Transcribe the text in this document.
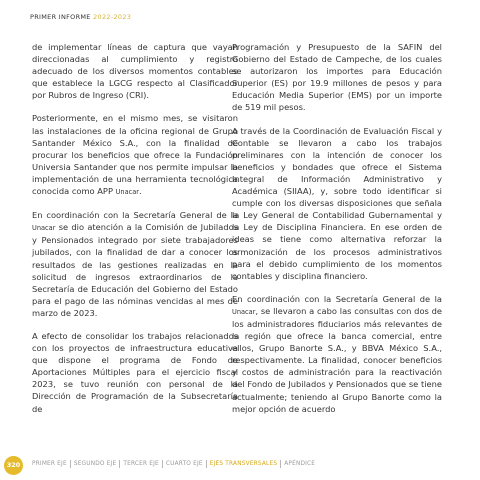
PRIMER INFORME 2022-2023

de implementar líneas de captura que vayan direccionadas al cumplimiento y registro adecuado de los diversos momentos contables que establece la LGCG respecto al Clasificador por Rubros de Ingreso (CRI).

Posteriormente, en el mismo mes, se visitaron las instalaciones de la oficina regional de Grupo Santander México S.A., con la finalidad de procurar los beneficios que ofrece la Fundación Universia Santander que nos permite impulsar la implementación de una herramienta tecnológica conocida como APP Unacar.

En coordinación con la Secretaría General de la Unacar se dio atención a la Comisión de Jubilados y Pensionados integrado por siete trabajadores jubilados, con la finalidad de dar a conocer los resultados de las gestiones realizadas en la solicitud de ingresos extraordinarios de la Secretaría de Educación del Gobierno del Estado para el pago de las nóminas vencidas al mes de marzo de 2023.

A efecto de consolidar los trabajos relacionados con los proyectos de infraestructura educativa que dispone el programa de Fondo de Aportaciones Múltiples para el ejercicio fiscal 2023, se tuvo reunión con personal de la Dirección de Programación de la Subsecretaría de

Programación y Presupuesto de la SAFIN del Gobierno del Estado de Campeche, de los cuales se autorizaron los importes para Educación Superior (ES) por 19.9 millones de pesos y para Educación Media Superior (EMS) por un importe de 519 mil pesos.

A través de la Coordinación de Evaluación Fiscal y Contable se llevaron a cabo los trabajos preliminares con la intención de conocer los beneficios y bondades que ofrece el Sistema Integral de Información Administrativo y Académica (SIIAA), y, sobre todo identificar si cumple con los diversas disposiciones que señala la Ley General de Contabilidad Gubernamental y la Ley de Disciplina Financiera. En ese orden de ideas se tiene como alternativa reforzar la armonización de los procesos administrativos para el debido cumplimiento de los momentos contables y disciplina financiero.

En coordinación con la Secretaría General de la Unacar, se llevaron a cabo las consultas con dos de los administradores fiduciarios más relevantes de la región que ofrece la banca comercial, entre ellos, Grupo Banorte S.A., y BBVA México S.A., respectivamente. La finalidad, conocer beneficios y costos de administración para la reactivación del Fondo de Jubilados y Pensionados que se tiene actualmente; teniendo al Grupo Banorte como la mejor opción de acuerdo

320	PRIMER EJE SEGUNDO EJE TERCER EJE CUARTO EJE EJES TRANSVERSALES APÉNDICE
